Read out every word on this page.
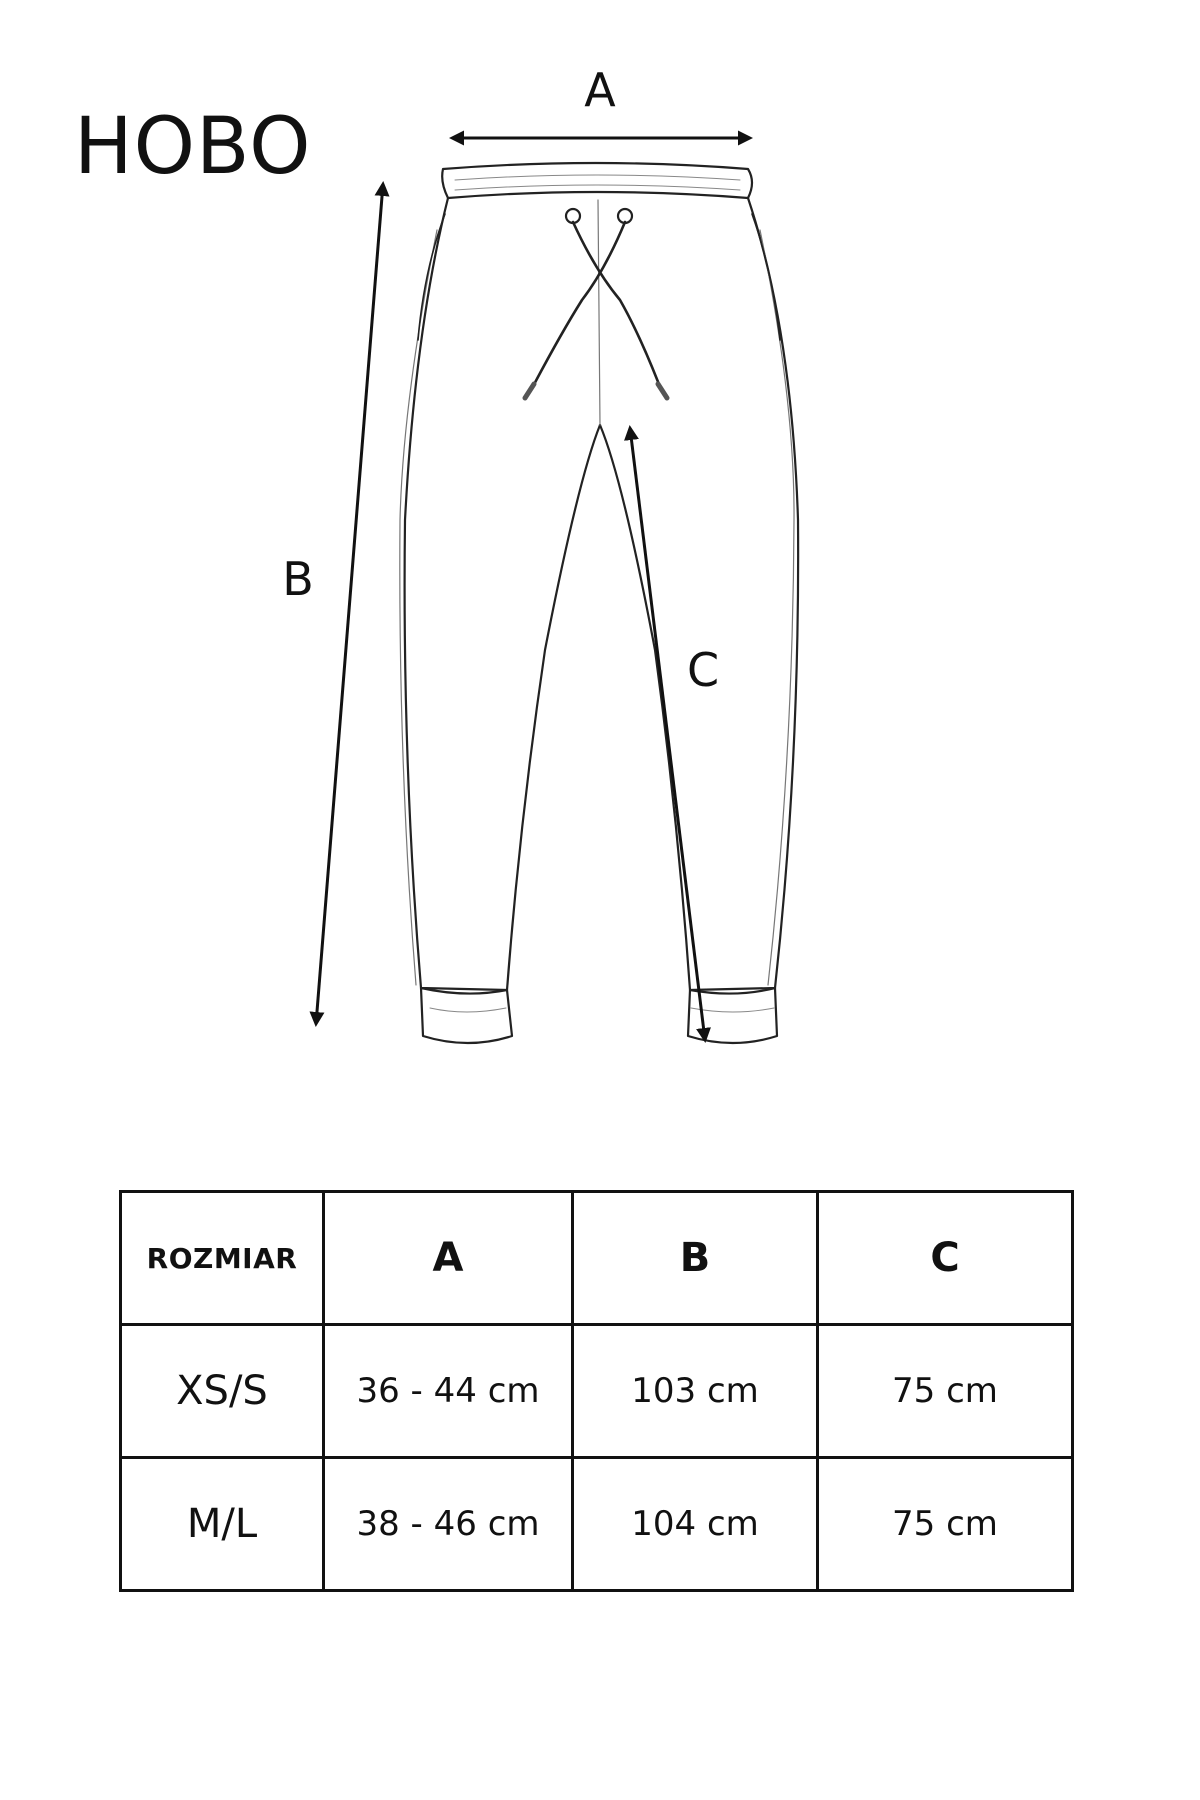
HOBO
A
B
C
ROZMIAR	A	B	C
XS/S	36 - 44 cm	103 cm	75 cm
M/L	38 - 46 cm	104 cm	75 cm
